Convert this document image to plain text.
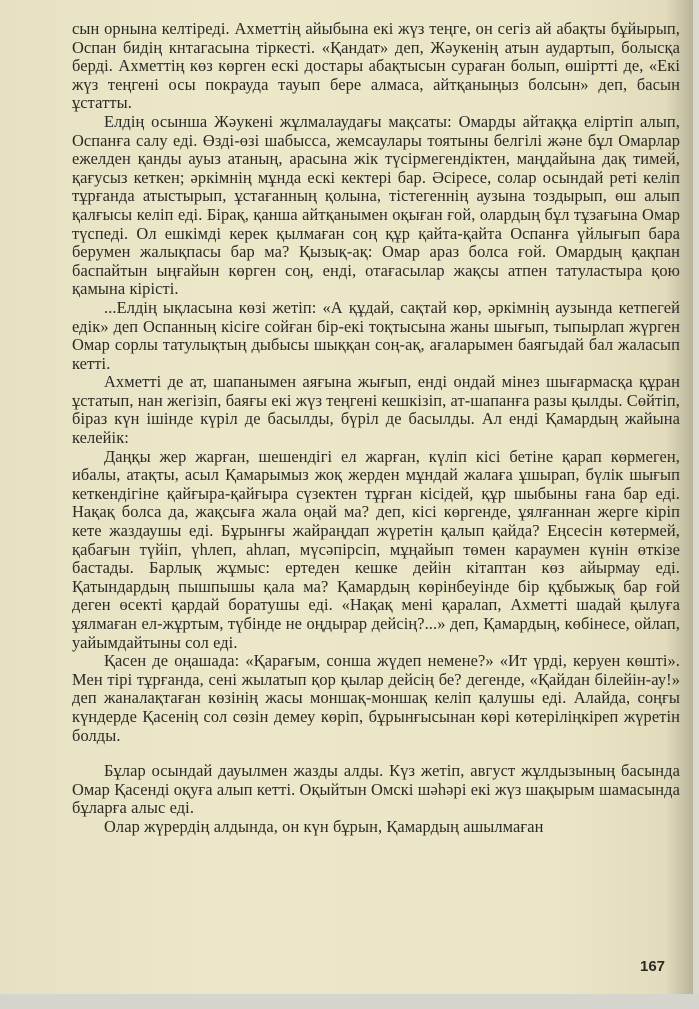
сын орнына келтіреді. Ахметтің айыбына екі жүз теңге, он сегіз ай абақты бұйырып, Оспан бидің кнтагасына тіркесті. «Қандат» деп, Жәукенің атын аудартып, болысқа берді. Ахметтің көз көрген ескі достары абақтысын сураған болып, өшіртті де, «Екі жүз теңгені осы покрауда тауып бере алмаса, айтқаныңыз болсын» деп, басын ұстатты.

Елдің осынша Жәукені жұлмалаудағы мақсаты: Омарды айтаққа елiртіп алып, Оспанға салу еді. Өзді-өзі шабысса, жемсаулары тоятыны белгілі және бұл Омарлар ежелден қанды ауыз атаның, арасына жік түсірмегендіктен, маңдайына дақ тимей, қағусыз кеткен; әркімнің мұнда ескі кектері бар. Әсіресе, солар осындай реті келіп тұрғанда атыстырып, ұстағанның қолына, тістегеннің аузына тоздырып, өш алып қалғысы келіп еді. Бірақ, қанша айтқанымен оқыған ғой, олардың бұл тұзағына Омар түспеді. Ол ешкімді керек қылмаған соң құр қайта-қайта Оспанға үйлығып бара берумен жалықпасы бар ма? Қызық-ақ: Омар араз болса ғой. Омардың қақпан баспайтын ыңғайын көрген соң, енді, отағасылар жақсы атпен татуластыра қою қамына кірісті.

...Елдің ықласына көзі жетіп: «А құдай, сақтай көр, әркімнің аузында кетпегей едік» деп Оспанның кісіге сойған бір-екі тоқтысына жаны шығып, тыпырлап жүрген Омар сорлы татулықтың дыбысы шыққан соң-ақ, ағаларымен баягыдай бал жаласып кетті.

Ахметті де ат, шапанымен аяғына жығып, енді ондай мінез шығармасқа құран ұстатып, нан жегізіп, баяғы екі жүз теңгені кешкізіп, ат-шапанға разы қылды. Сөйтіп, біраз күн ішінде күріл де басылды, бүріл де басылды. Ал енді Қамардың жайына келейік:

Даңқы жер жарған, шешендігі ел жарған, күліп кісі бетіне қарап көрмеген, ибалы, атақты, асыл Қамарымыз жоқ жерден мұндай жалаға ұшырап, бүлік шығып кеткендігіне қайғыра-қайғыра сүзектен тұрған кісідей, құр шыбыны ғана бар еді. Нақақ болса да, жақсыға жала оңай ма? деп, кісі көргенде, ұялғаннан жерге кіріп кете жаздаушы еді. Бұрынғы жайраңдап жүретін қалып қайда? Еңсесін көтермей, қабағын түйіп, үһлеп, аһлап, мүсәпірсіп, мұңайып төмен караумен күнін өткізе бастады. Барлық жұмыс: ертеден кешке дейін кітаптан көз айырмау еді. Қатындардың пышпышы қала ма? Қамардың көрінбеуінде бір құбыжық бар ғой деген өсекті қардай боратушы еді. «Нақақ мені қаралап, Ахметті шадай қылуға ұялмаған ел-жұртым, түбінде не оңдырар дейсің?...» деп, Қамардың, көбінесе, ойлап, уайымдайтыны сол еді.

Қасен де оңашада: «Қарағым, сонша жүдеп немене?» «Ит үрді, керуен көшті». Мен тірі тұрғанда, сені жылатып қор қылар дейсің бе? дегенде, «Қайдан білейін-ау!» деп жаналақтаған көзінің жасы моншақ-моншақ келіп қалушы еді. Алайда, соңғы күндерде Қасенің сол сөзін демеу көріп, бұрынғысынан көрі көтеріліңкіреп жүретін болды.

Бұлар осындай дауылмен жазды алды. Күз жетіп, август жұлдызының басында Омар Қасенді оқуға алып кетті. Оқыйтын Омскі шәһәрі екі жүз шақырым шамасында бұларға алыс еді.

Олар жүрердің алдында, он күн бұрын, Қамардың ашылмаған

167
